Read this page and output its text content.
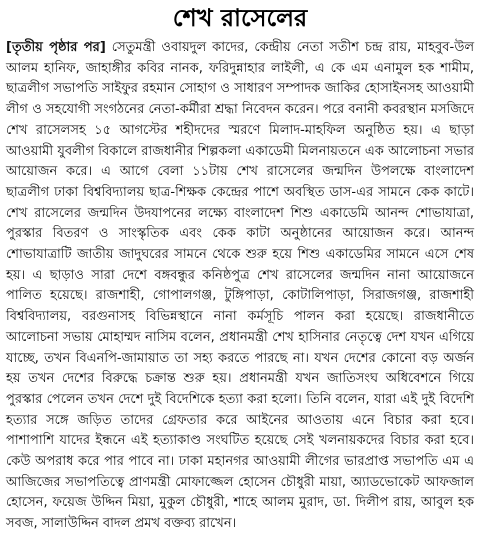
শেখ রাসেলের

[তৃতীয় পৃষ্ঠার পর] সেতুমন্ত্রী ওবায়দুল কাদের, কেন্দ্রীয় নেতা সতীশ চন্দ্র রায়, মাহবুব-উল আলম হানিফ, জাহাঙ্গীর কবির নানক, ফরিদুন্নাহার লাইলী, এ কে এম এনামুল হক শামীম, ছাত্রলীগ সভাপতি সাইফুর রহমান সোহাগ ও সাধারণ সম্পাদক জাকির হোসাইনসহ আওয়ামী লীগ ও সহযোগী সংগঠনের নেতা-কর্মীরা শ্রদ্ধা নিবেদন করেন। পরে বনানী কবরস্থান মসজিদে শেখ রাসেলসহ ১৫ আগস্টের শহীদদের স্মরণে মিলাদ-মাহফিল অনুষ্ঠিত হয়। এ ছাড়া আওয়ামী যুবলীগ বিকালে রাজধানীর শিল্পকলা একাডেমী মিলনায়তনে এক আলোচনা সভার আয়োজন করে। এ আগে বেলা ১১টায় শেখ রাসেলের জন্মদিন উপলক্ষে বাংলাদেশ ছাত্রলীগ ঢাকা বিশ্ববিদ্যালয় ছাত্র-শিক্ষক কেন্দ্রের পাশে অবস্থিত ডাস-এর সামনে কেক কাটে। শেখ রাসেলের জন্মদিন উদযাপনের লক্ষ্যে বাংলাদেশ শিশু একাডেমি আনন্দ শোভাযাত্রা, পুরস্কার বিতরণ ও সাংস্কৃতিক এবং কেক কাটা অনুষ্ঠানের আয়োজন করে। আনন্দ শোভাযাত্রাটি জাতীয় জাদুঘরের সামনে থেকে শুরু হয়ে শিশু একাডেমির সামনে এসে শেষ হয়। এ ছাড়াও সারা দেশে বঙ্গবন্ধুর কনিষ্ঠপুত্র শেখ রাসেলের জন্মদিন নানা আয়োজনে পালিত হয়েছে। রাজশাহী, গোপালগঞ্জ, টুঙ্গিপাড়া, কোটালিপাড়া, সিরাজগঞ্জ, রাজশাহী বিশ্ববিদ্যালয়, বরগুনাসহ বিভিন্নস্থানে নানা কর্মসূচি পালন করা হয়েছে। রাজধানীতে আলোচনা সভায় মোহাম্মদ নাসিম বলেন, প্রধানমন্ত্রী শেখ হাসিনার নেতৃত্বে দেশ যখন এগিয়ে যাচ্ছে, তখন বিএনপি-জামায়াত তা সহ্য করতে পারছে না। যখন দেশের কোনো বড় অর্জন হয় তখন দেশের বিরুদ্ধে চক্রান্ত শুরু হয়। প্রধানমন্ত্রী যখন জাতিসংঘ অধিবেশনে গিয়ে পুরস্কার পেলেন তখন দেশে দুই বিদেশিকে হত্যা করা হলো। তিনি বলেন, যারা এই দুই বিদেশি হত্যার সঙ্গে জড়িত তাদের গ্রেফতার করে আইনের আওতায় এনে বিচার করা হবে। পাশাপাশি যাদের ইন্ধনে এই হত্যাকাণ্ড সংঘটিত হয়েছে সেই খলনায়কদের বিচার করা হবে। কেউ অপরাধ করে পার পাবে না। ঢাকা মহানগর আওয়ামী লীগের ভারপ্রাপ্ত সভাপতি এম এ আজিজের সভাপতিত্বে প্রাণমন্ত্রী মোফাজ্জেল হোসেন চৌধুরী মায়া, অ্যাডভোকেট আফজাল হোসেন, ফয়েজ উদ্দিন মিয়া, মুকুল চৌধুরী, শাহে আলম মুরাদ, ডা. দিলীপ রায়, আবুল হক সবজ, সালাউদ্দিন বাদল প্রমখ বক্তব্য রাখেন।
